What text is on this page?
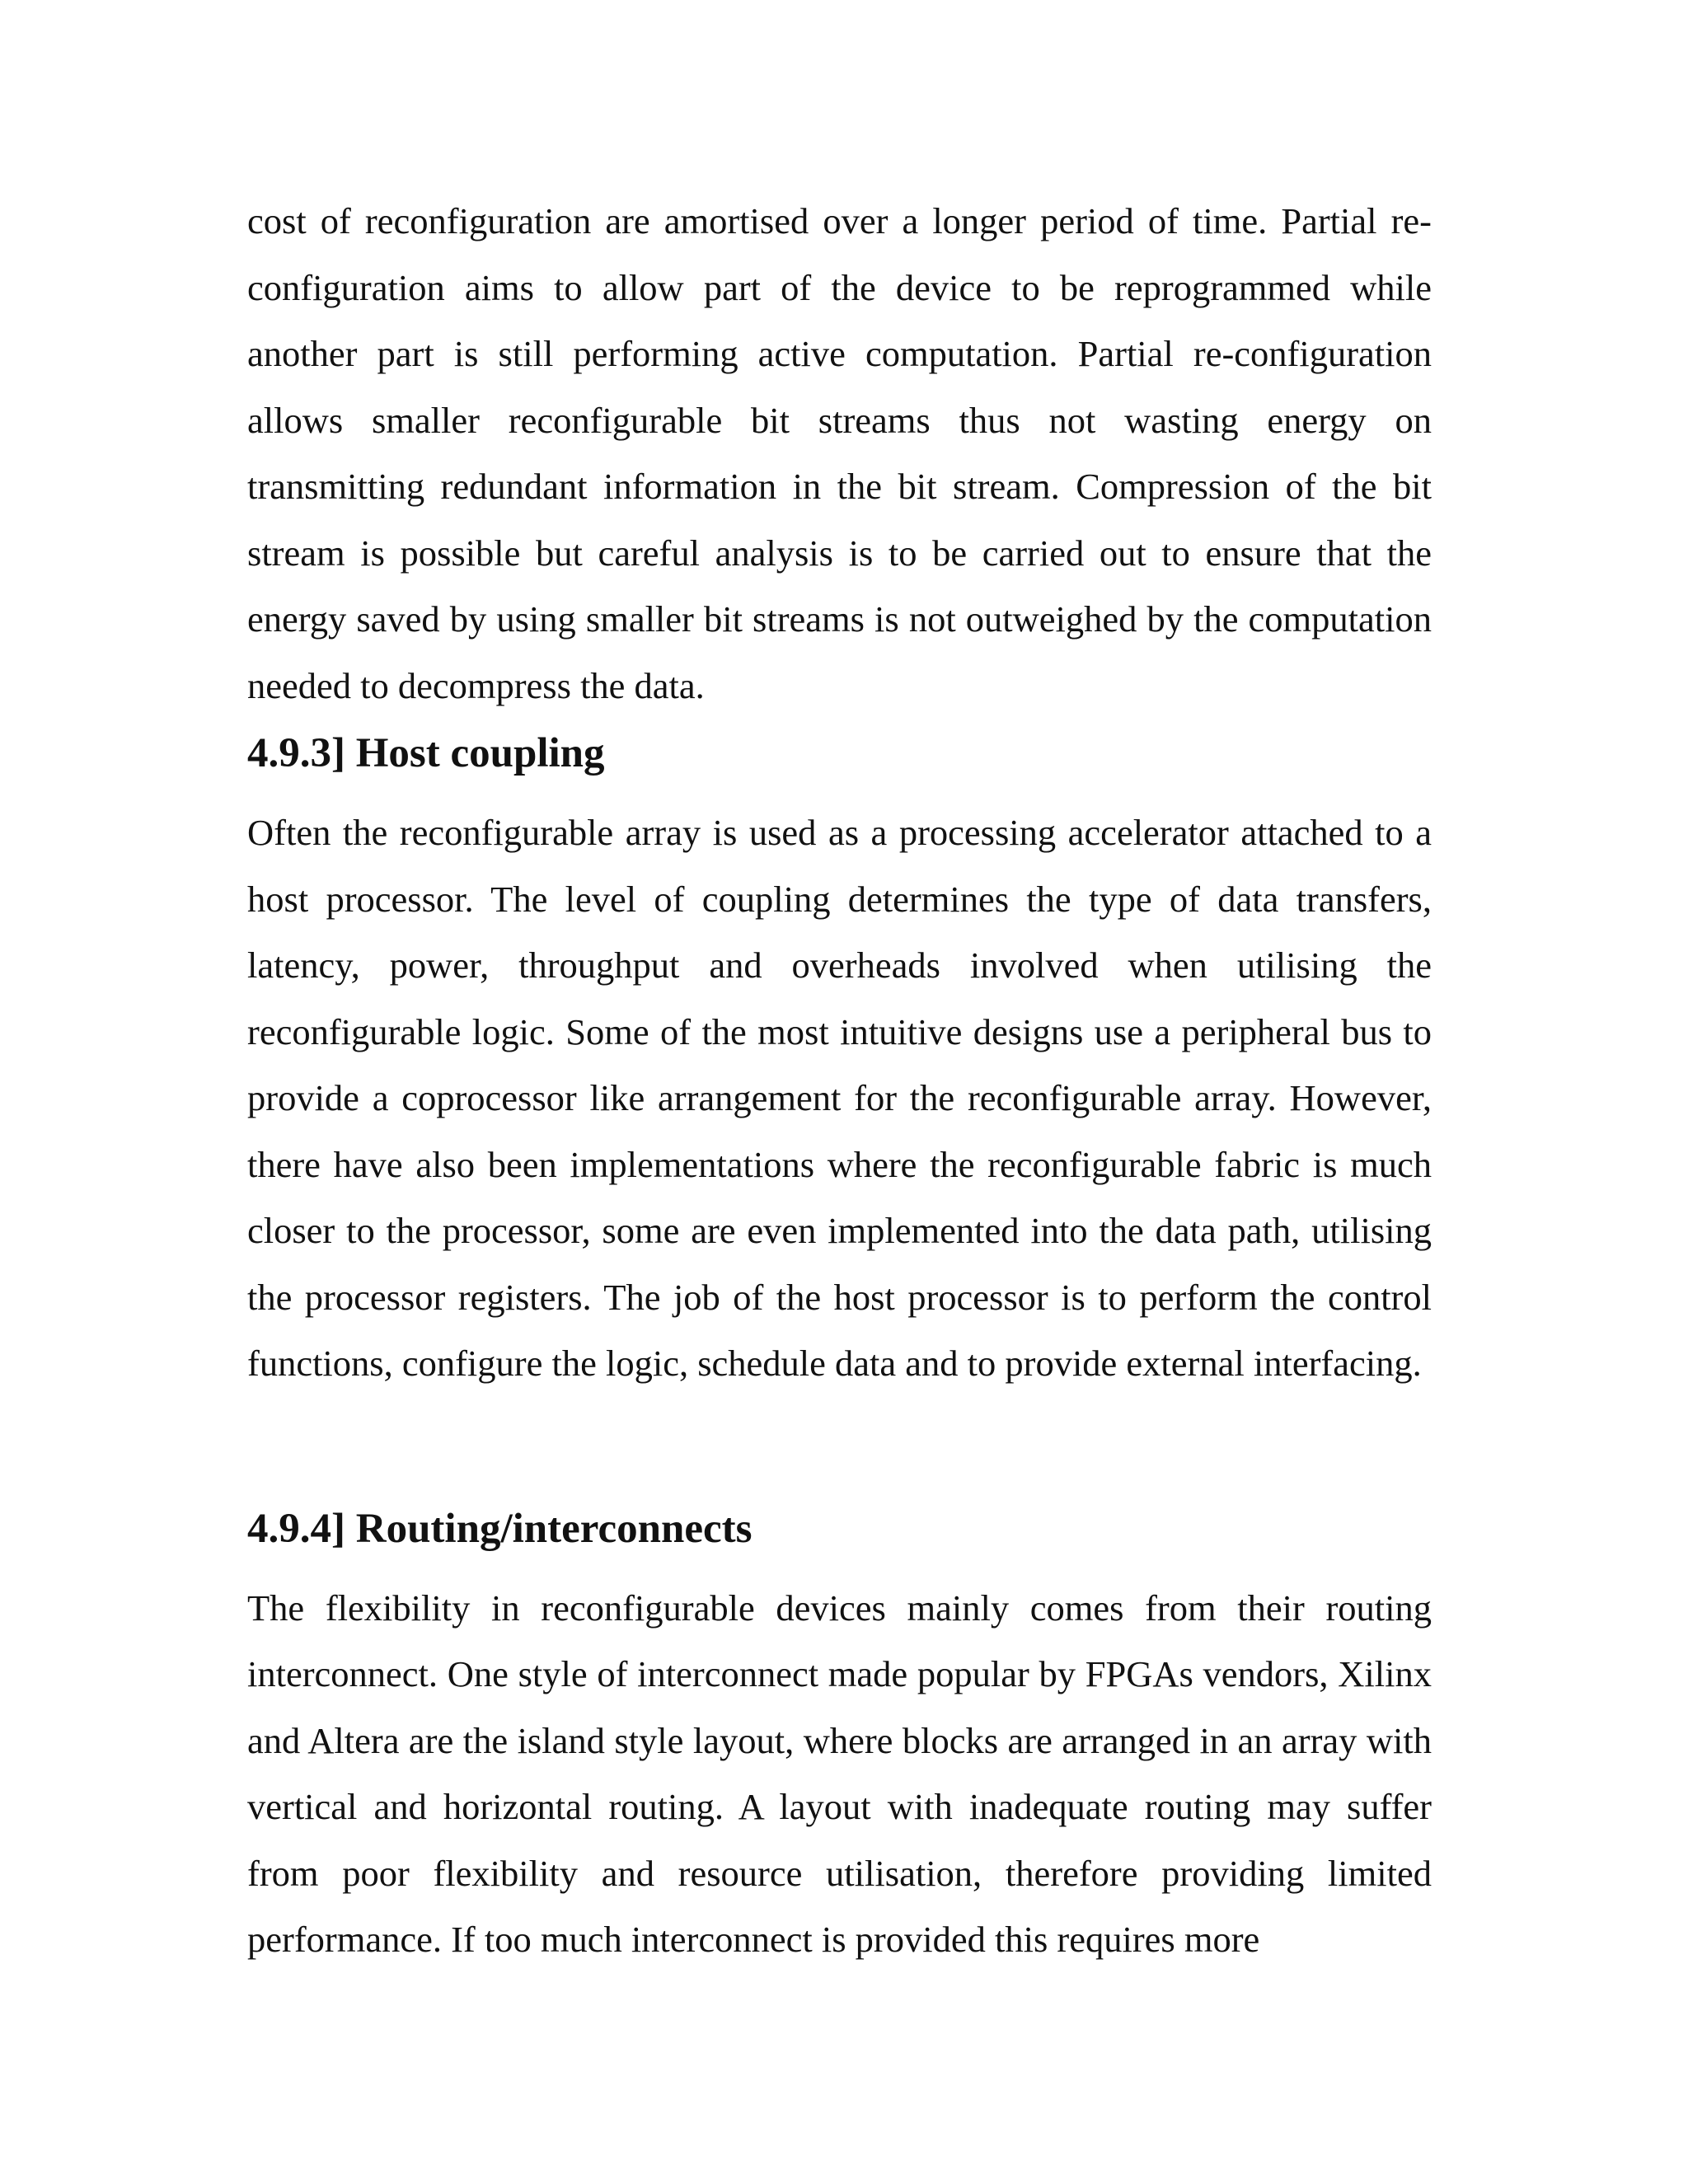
cost of reconfiguration are amortised over a longer period of time. Partial re-configuration aims to allow part of the device to be reprogrammed while another part is still performing active computation. Partial re-configuration allows smaller reconfigurable bit streams thus not wasting energy on transmitting redundant information in the bit stream. Compression of the bit stream is possible but careful analysis is to be carried out to ensure that the energy saved by using smaller bit streams is not outweighed by the computation needed to decompress the data.

4.9.3] Host coupling

Often the reconfigurable array is used as a processing accelerator attached to a host processor. The level of coupling determines the type of data transfers, latency, power, throughput and overheads involved when utilising the reconfigurable logic. Some of the most intuitive designs use a peripheral bus to provide a coprocessor like arrangement for the reconfigurable array. However, there have also been implementations where the reconfigurable fabric is much closer to the processor, some are even implemented into the data path, utilising the processor registers. The job of the host processor is to perform the control functions, configure the logic, schedule data and to provide external interfacing.

4.9.4] Routing/interconnects

The flexibility in reconfigurable devices mainly comes from their routing interconnect. One style of interconnect made popular by FPGAs vendors, Xilinx and Altera are the island style layout, where blocks are arranged in an array with vertical and horizontal routing. A layout with inadequate routing may suffer from poor flexibility and resource utilisation, therefore providing limited performance. If too much interconnect is provided this requires more
